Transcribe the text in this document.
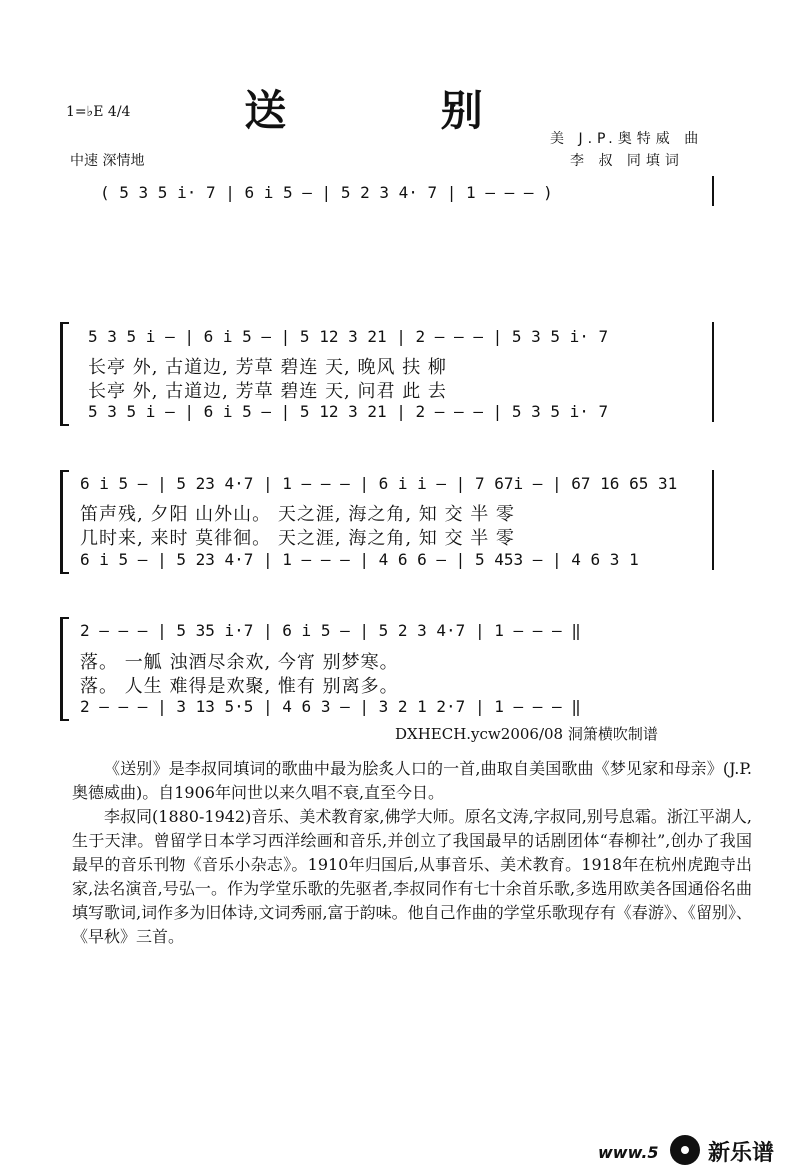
送 别
1=♭E 4/4
中速 深情地
美 J.P.奥特威 曲
李 叔 同填词
( 5 3 5 i· 7 | 6 i 5 – | 5 2 3 4· 7 | 1 – – – )
5 3 5 i – | 6 i 5 – | 5 12 3 21 | 2 – – – | 5 3 5 i· 7
长亭 外, 古道边, 芳草 碧连 天, 晚风 扶 柳
长亭 外, 古道边, 芳草 碧连 天, 问君 此 去
5 3 5 i – | 6 i 5 – | 5 12 3 21 | 2 – – – | 5 3 5 i· 7
6 i 5 – | 5 23 4·7 | 1 – – – | 6 i i – | 7 67i – | 67 16 65 31
笛声残, 夕阳 山外山。 天之涯, 海之角, 知 交 半 零
几时来, 来时 莫徘徊。 天之涯, 海之角, 知 交 半 零
6 i 5 – | 5 23 4·7 | 1 – – – | 4 6 6 – | 5 453 – | 4 6 3 1
2 – – – | 5 35 i·7 | 6 i 5 – | 5 2 3 4·7 | 1 – – – ‖
落。 一觚 浊酒尽余欢, 今宵 别梦寒。
落。 人生 难得是欢聚, 惟有 别离多。
2 – – – | 3 13 5·5 | 4 6 3 – | 3 2 1 2·7 | 1 – – – ‖
DXHECH.ycw2006/08 洞箫横吹制谱

《送别》是李叔同填词的歌曲中最为脍炙人口的一首,曲取自美国歌曲《梦见家和母亲》(J.P.奥德威曲)。自1906年问世以来久唱不衰,直至今日。

李叔同(1880-1942)音乐、美术教育家,佛学大师。原名文涛,字叔同,别号息霜。浙江平湖人,生于天津。曾留学日本学习西洋绘画和音乐,并创立了我国最早的话剧团体“春柳社”,创办了我国最早的音乐刊物《音乐小杂志》。1910年归国后,从事音乐、美术教育。1918年在杭州虎跑寺出家,法名演音,号弘一。作为学堂乐歌的先驱者,李叔同作有七十余首乐歌,多选用欧美各国通俗名曲填写歌词,词作多为旧体诗,文词秀丽,富于韵味。他自己作曲的学堂乐歌现存有《春游》、《留别》、《早秋》三首。

www.5 新乐谱
